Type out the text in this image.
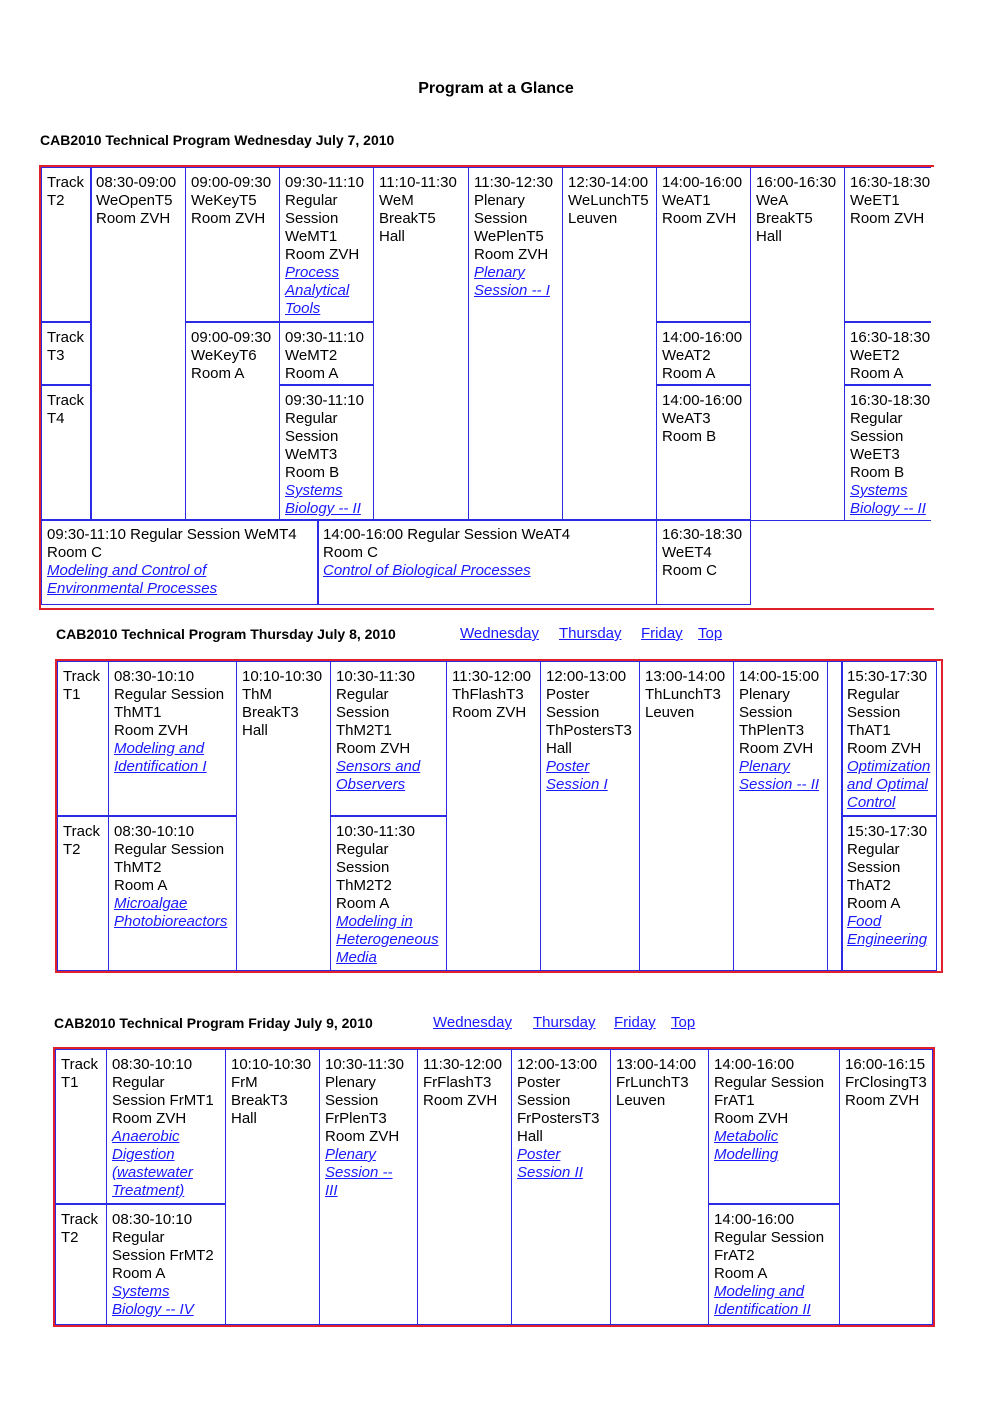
Program at a Glance
CAB2010 Technical Program Wednesday July 7, 2010
Track
T2
Track
T3
Track
T4
08:30-09:00
WeOpenT5
Room ZVH
09:00-09:30
WeKeyT5
Room ZVH
09:00-09:30
WeKeyT6
Room A
09:30-11:10
Regular
Session
WeMT1
Room ZVH
Process
Analytical
Tools
09:30-11:10
WeMT2
Room A
09:30-11:10
Regular
Session
WeMT3
Room B
Systems
Biology -- II
11:10-11:30
WeM
BreakT5
Hall
11:30-12:30
Plenary
Session
WePlenT5
Room ZVH
Plenary
Session -- I
12:30-14:00
WeLunchT5
Leuven
14:00-16:00
WeAT1
Room ZVH
14:00-16:00
WeAT2
Room A
14:00-16:00
WeAT3
Room B
16:00-16:30
WeA
BreakT5
Hall
16:30-18:30
WeET1
Room ZVH
16:30-18:30
WeET2
Room A
16:30-18:30
Regular
Session
WeET3
Room B
Systems
Biology -- II
09:30-11:10 Regular Session WeMT4
Room C
Modeling and Control of
Environmental Processes
14:00-16:00 Regular Session WeAT4
Room C
Control of Biological Processes
16:30-18:30
WeET4
Room C
CAB2010 Technical Program Thursday July 8, 2010	Wednesday Thursday Friday Top
Track
T1
Track
T2
08:30-10:10
Regular Session
ThMT1
Room ZVH
Modeling and
Identification I
08:30-10:10
Regular Session
ThMT2
Room A
Microalgae
Photobioreactors
10:10-10:30
ThM
BreakT3
Hall
10:30-11:30
Regular
Session
ThM2T1
Room ZVH
Sensors and
Observers
10:30-11:30
Regular
Session
ThM2T2
Room A
Modeling in
Heterogeneous
Media
11:30-12:00
ThFlashT3
Room ZVH
12:00-13:00
Poster
Session
ThPostersT3
Hall
Poster
Session I
13:00-14:00
ThLunchT3
Leuven
14:00-15:00
Plenary
Session
ThPlenT3
Room ZVH
Plenary
Session -- II
15:30-17:30
Regular
Session
ThAT1
Room ZVH
Optimization
and Optimal
Control
15:30-17:30
Regular
Session
ThAT2
Room A
Food
Engineering
CAB2010 Technical Program Friday July 9, 2010	Wednesday Thursday Friday Top
Track
T1
Track
T2
08:30-10:10
Regular
Session FrMT1
Room ZVH
Anaerobic
Digestion
(wastewater
Treatment)
08:30-10:10
Regular
Session FrMT2
Room A
Systems
Biology -- IV
10:10-10:30
FrM
BreakT3
Hall
10:30-11:30
Plenary
Session
FrPlenT3
Room ZVH
Plenary
Session --
III
11:30-12:00
FrFlashT3
Room ZVH
12:00-13:00
Poster
Session
FrPostersT3
Hall
Poster
Session II
13:00-14:00
FrLunchT3
Leuven
14:00-16:00
Regular Session
FrAT1
Room ZVH
Metabolic
Modelling
14:00-16:00
Regular Session
FrAT2
Room A
Modeling and
Identification II
16:00-16:15
FrClosingT3
Room ZVH
